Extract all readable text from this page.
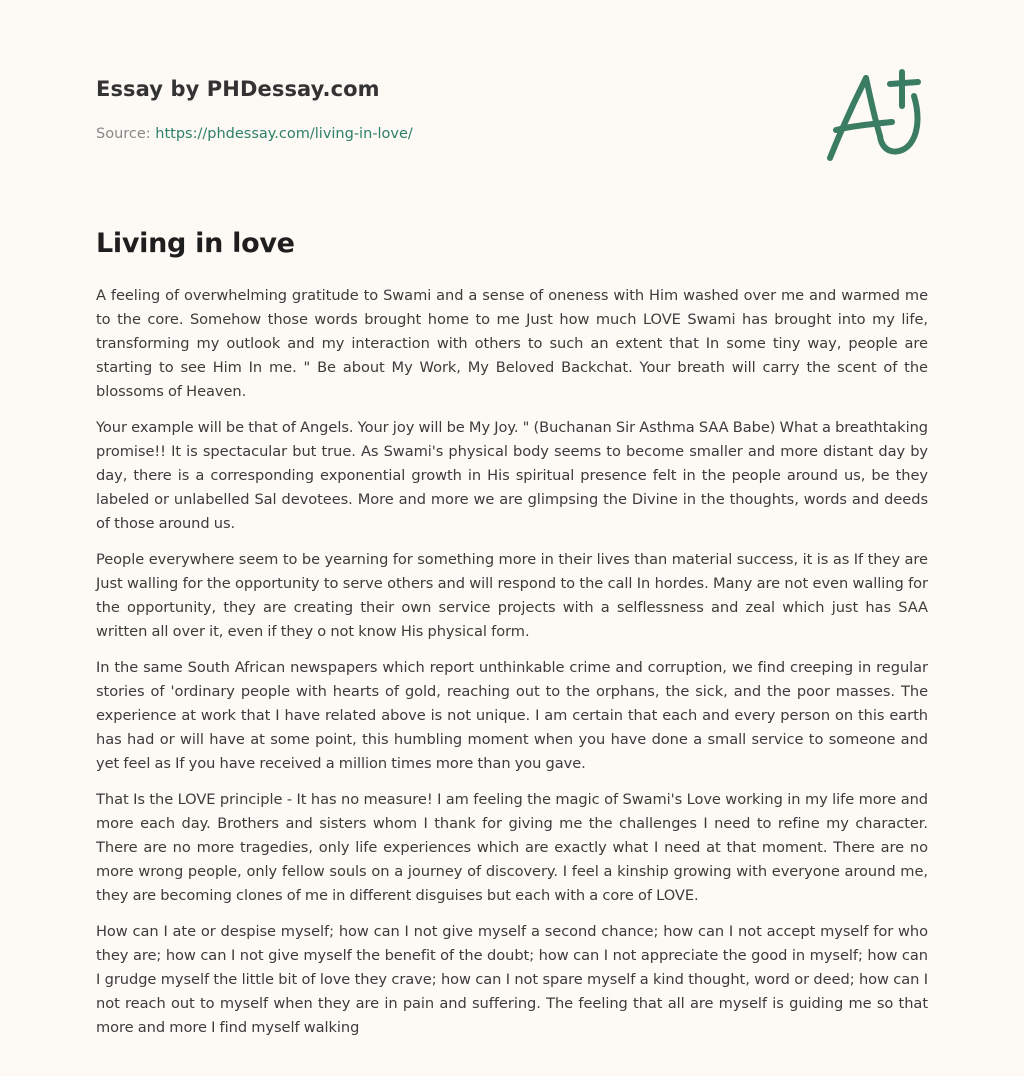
Essay by PHDessay.com
Source: https://phdessay.com/living-in-love/
Living in love

A feeling of overwhelming gratitude to Swami and a sense of oneness with Him washed over me and warmed me to the core. Somehow those words brought home to me Just how much LOVE Swami has brought into my life, transforming my outlook and my interaction with others to such an extent that In some tiny way, people are starting to see Him In me. " Be about My Work, My Beloved Backchat. Your breath will carry the scent of the blossoms of Heaven.

Your example will be that of Angels. Your joy will be My Joy. " (Buchanan Sir Asthma SAA Babe) What a breathtaking promise!! It is spectacular but true. As Swami's physical body seems to become smaller and more distant day by day, there is a corresponding exponential growth in His spiritual presence felt in the people around us, be they labeled or unlabelled Sal devotees. More and more we are glimpsing the Divine in the thoughts, words and deeds of those around us.

People everywhere seem to be yearning for something more in their lives than material success, it is as If they are Just walling for the opportunity to serve others and will respond to the call In hordes. Many are not even walling for the opportunity, they are creating their own service projects with a selflessness and zeal which just has SAA written all over it, even if they o not know His physical form.

In the same South African newspapers which report unthinkable crime and corruption, we find creeping in regular stories of 'ordinary people with hearts of gold, reaching out to the orphans, the sick, and the poor masses. The experience at work that I have related above is not unique. I am certain that each and every person on this earth has had or will have at some point, this humbling moment when you have done a small service to someone and yet feel as If you have received a million times more than you gave.

That Is the LOVE principle - It has no measure! I am feeling the magic of Swami's Love working in my life more and more each day. Brothers and sisters whom I thank for giving me the challenges I need to refine my character. There are no more tragedies, only life experiences which are exactly what I need at that moment. There are no more wrong people, only fellow souls on a journey of discovery. I feel a kinship growing with everyone around me, they are becoming clones of me in different disguises but each with a core of LOVE.

How can I ate or despise myself; how can I not give myself a second chance; how can I not accept myself for who they are; how can I not give myself the benefit of the doubt; how can I not appreciate the good in myself; how can I grudge myself the little bit of love they crave; how can I not spare myself a kind thought, word or deed; how can I not reach out to myself when they are in pain and suffering. The feeling that all are myself is guiding me so that more and more I find myself walking
